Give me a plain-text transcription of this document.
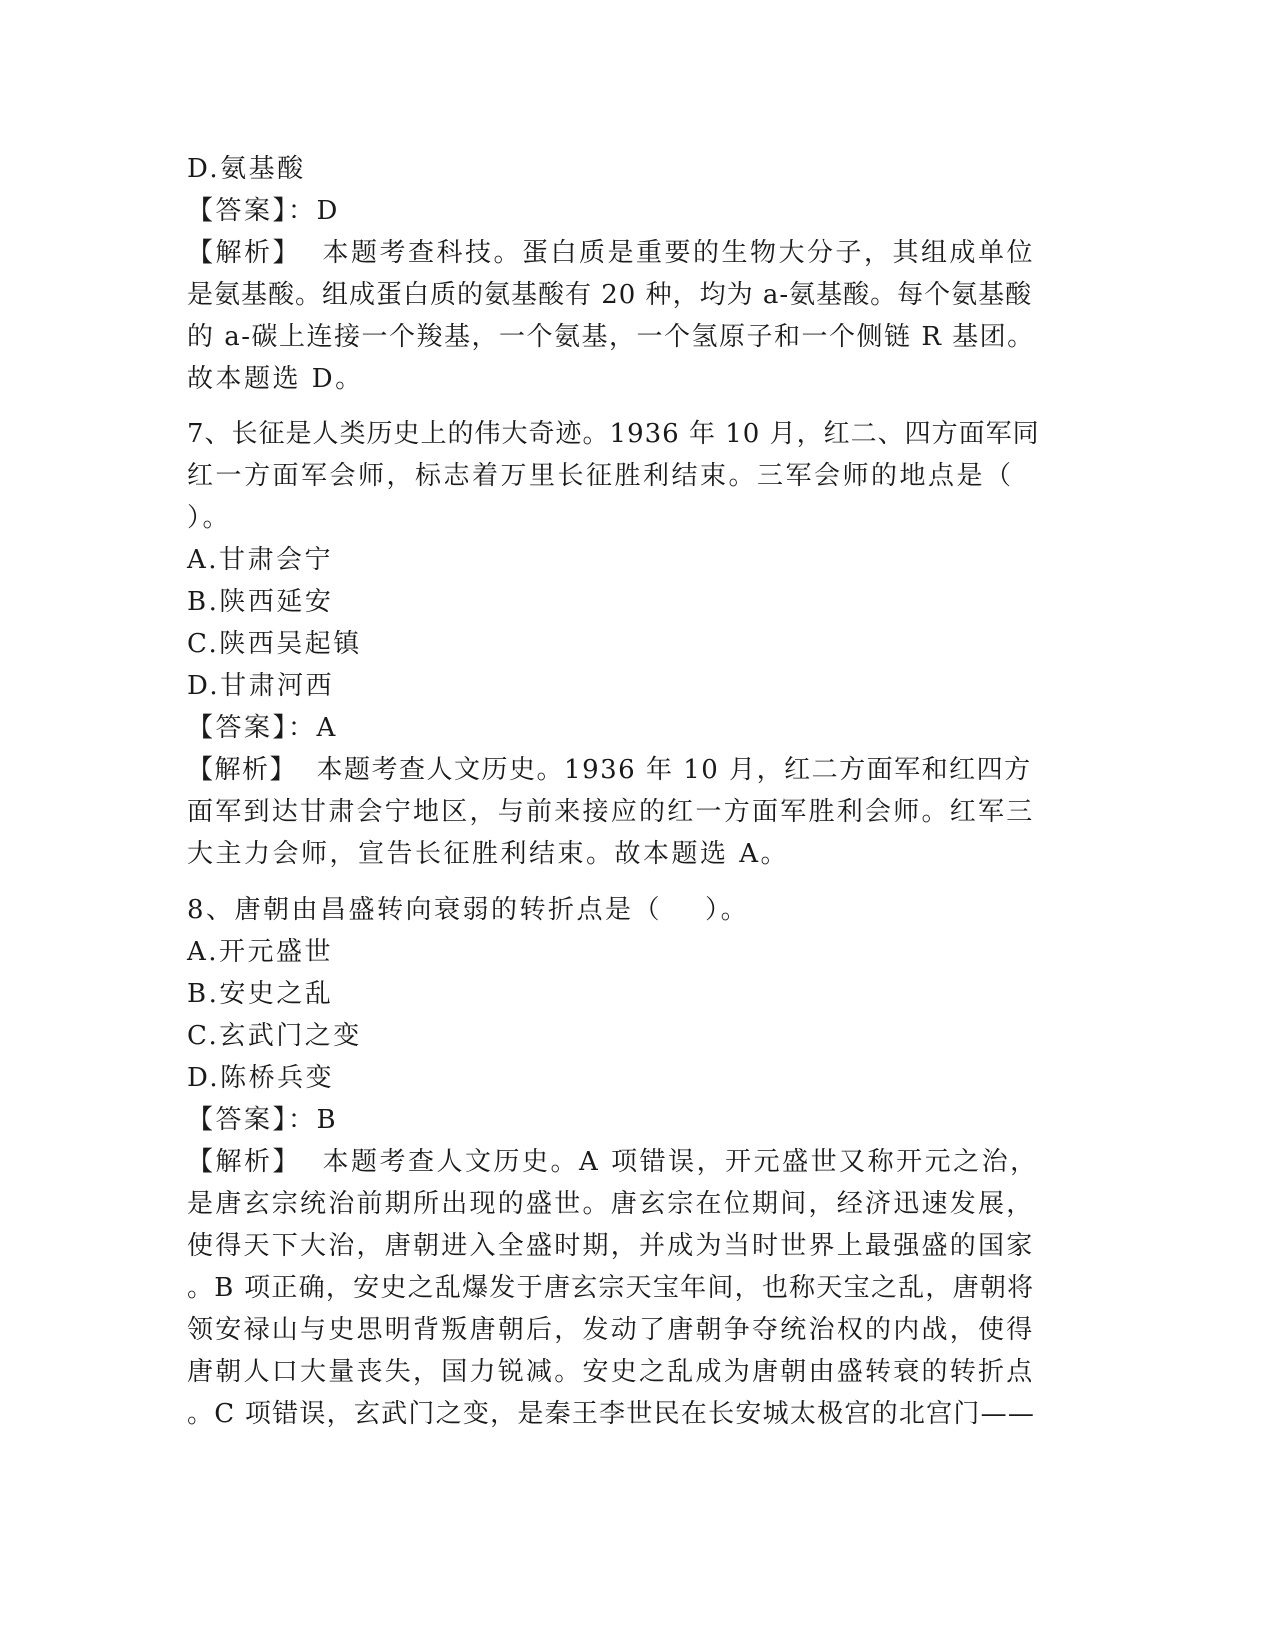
D.氨基酸
【答案】：D
【解析】  本题考查科技。蛋白质是重要的生物大分子，其组成单位
是氨基酸。组成蛋白质的氨基酸有 20 种，均为 a-氨基酸。每个氨基酸
的 a-碳上连接一个羧基，一个氨基，一个氢原子和一个侧链 R 基团。
故本题选 D。
7、长征是人类历史上的伟大奇迹。1936 年 10 月，红二、四方面军同
红一方面军会师，标志着万里长征胜利结束。三军会师的地点是（
）。
A.甘肃会宁
B.陕西延安
C.陕西吴起镇
D.甘肃河西
【答案】：A
【解析】  本题考查人文历史。1936 年 10 月，红二方面军和红四方
面军到达甘肃会宁地区，与前来接应的红一方面军胜利会师。红军三
大主力会师，宣告长征胜利结束。故本题选 A。
8、唐朝由昌盛转向衰弱的转折点是（    ）。
A.开元盛世
B.安史之乱
C.玄武门之变
D.陈桥兵变
【答案】：B
【解析】  本题考查人文历史。A 项错误，开元盛世又称开元之治，
是唐玄宗统治前期所出现的盛世。唐玄宗在位期间，经济迅速发展，
使得天下大治，唐朝进入全盛时期，并成为当时世界上最强盛的国家
。B 项正确，安史之乱爆发于唐玄宗天宝年间，也称天宝之乱，唐朝将
领安禄山与史思明背叛唐朝后，发动了唐朝争夺统治权的内战，使得
唐朝人口大量丧失，国力锐减。安史之乱成为唐朝由盛转衰的转折点
。C 项错误，玄武门之变，是秦王李世民在长安城太极宫的北宫门——
